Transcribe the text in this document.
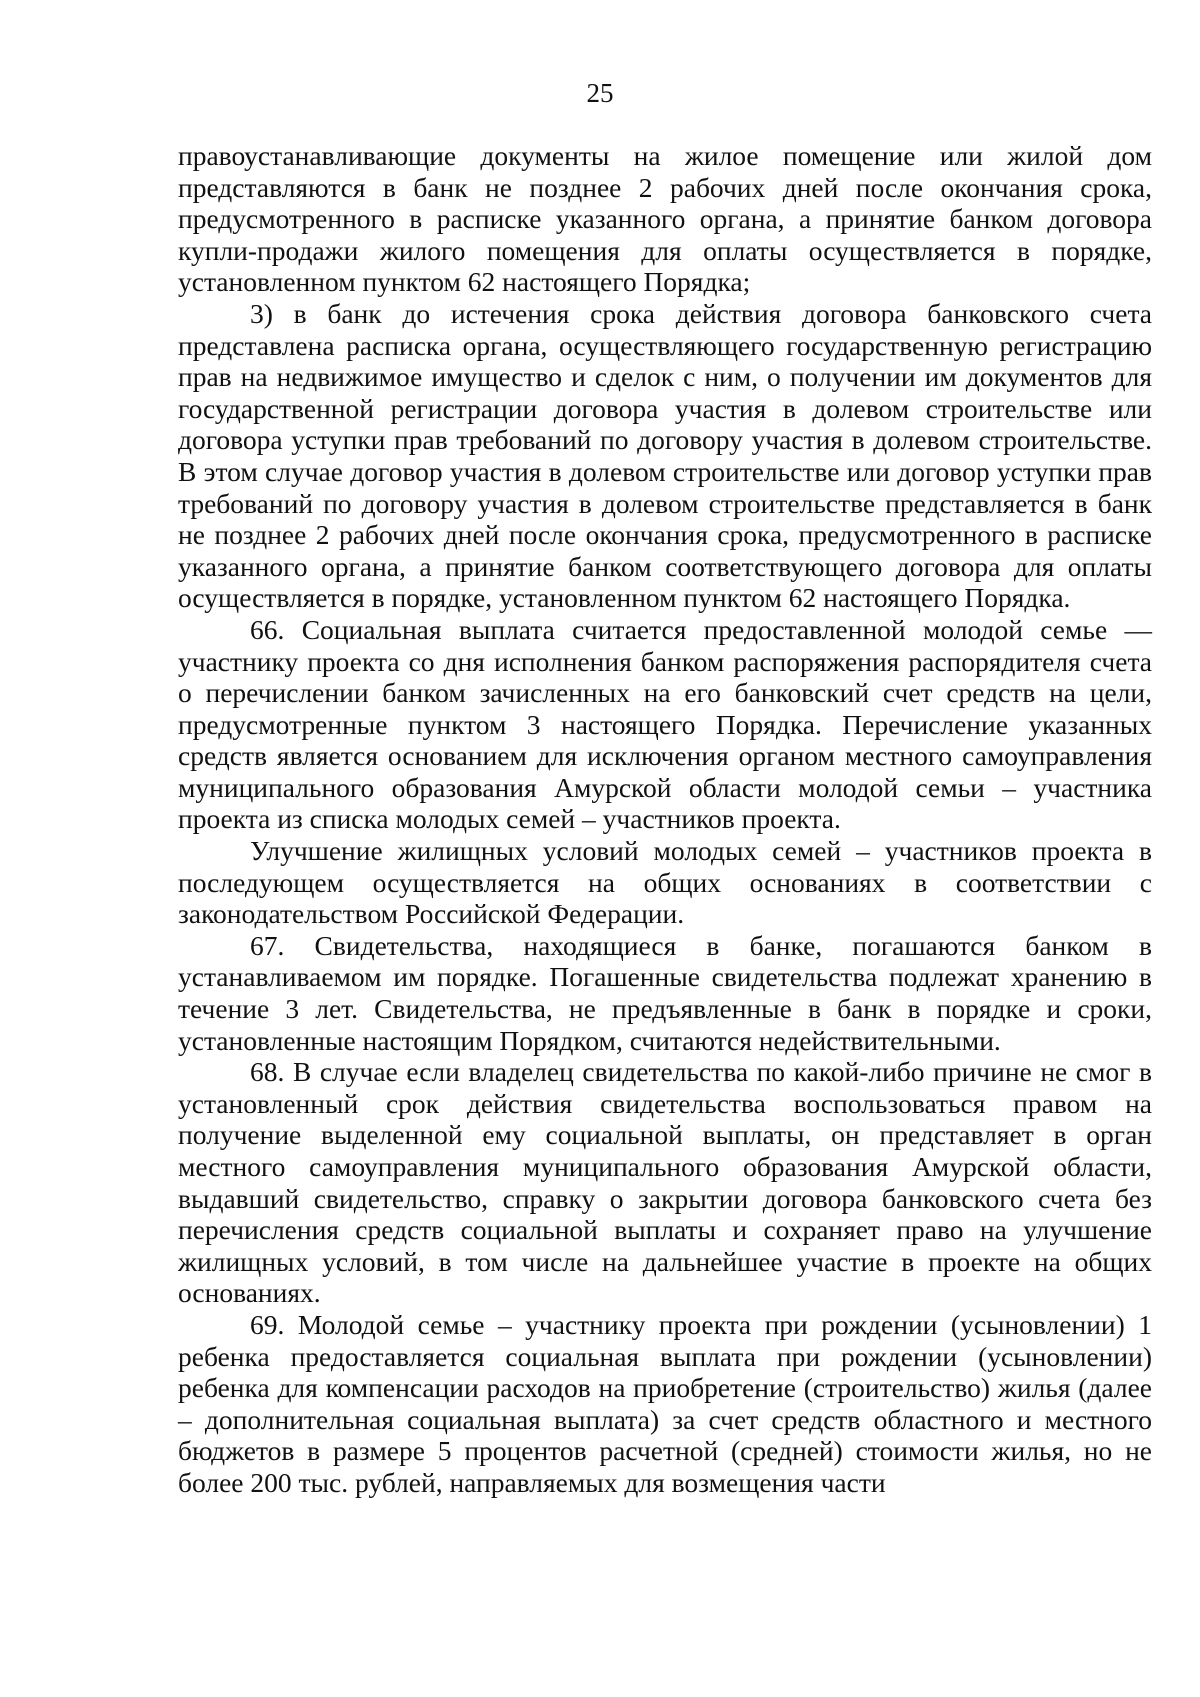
25

правоустанавливающие документы на жилое помещение или жилой дом представляются в банк не позднее 2 рабочих дней после окончания срока, предусмотренного в расписке указанного органа, а принятие банком договора купли-продажи жилого помещения для оплаты осуществляется в порядке, установленном пунктом 62 настоящего Порядка;

3) в банк до истечения срока действия договора банковского счета представлена расписка органа, осуществляющего государственную регистрацию прав на недвижимое имущество и сделок с ним, о получении им документов для государственной регистрации договора участия в долевом строительстве или договора уступки прав требований по договору участия в долевом строительстве. В этом случае договор участия в долевом строительстве или договор уступки прав требований по договору участия в долевом строительстве представляется в банк не позднее 2 рабочих дней после окончания срока, предусмотренного в расписке указанного органа, а принятие банком соответствующего договора для оплаты осуществляется в порядке, установленном пунктом 62 настоящего Порядка.

66. Социальная выплата считается предоставленной молодой семье — участнику проекта со дня исполнения банком распоряжения распорядителя счета о перечислении банком зачисленных на его банковский счет средств на цели, предусмотренные пунктом 3 настоящего Порядка. Перечисление указанных средств является основанием для исключения органом местного самоуправления муниципального образования Амурской области молодой семьи – участника проекта из списка молодых семей – участников проекта.

Улучшение жилищных условий молодых семей – участников проекта в последующем осуществляется на общих основаниях в соответствии с законодательством Российской Федерации.

67. Свидетельства, находящиеся в банке, погашаются банком в устанавливаемом им порядке. Погашенные свидетельства подлежат хранению в течение 3 лет. Свидетельства, не предъявленные в банк в порядке и сроки, установленные настоящим Порядком, считаются недействительными.

68. В случае если владелец свидетельства по какой-либо причине не смог в установленный срок действия свидетельства воспользоваться правом на получение выделенной ему социальной выплаты, он представляет в орган местного самоуправления муниципального образования Амурской области, выдавший свидетельство, справку о закрытии договора банковского счета без перечисления средств социальной выплаты и сохраняет право на улучшение жилищных условий, в том числе на дальнейшее участие в проекте на общих основаниях.

69. Молодой семье – участнику проекта при рождении (усыновлении) 1 ребенка предоставляется социальная выплата при рождении (усыновлении) ребенка для компенсации расходов на приобретение (строительство) жилья (далее – дополнительная социальная выплата) за счет средств областного и местного бюджетов в размере 5 процентов расчетной (средней) стоимости жилья, но не более 200 тыс. рублей, направляемых для возмещения части
